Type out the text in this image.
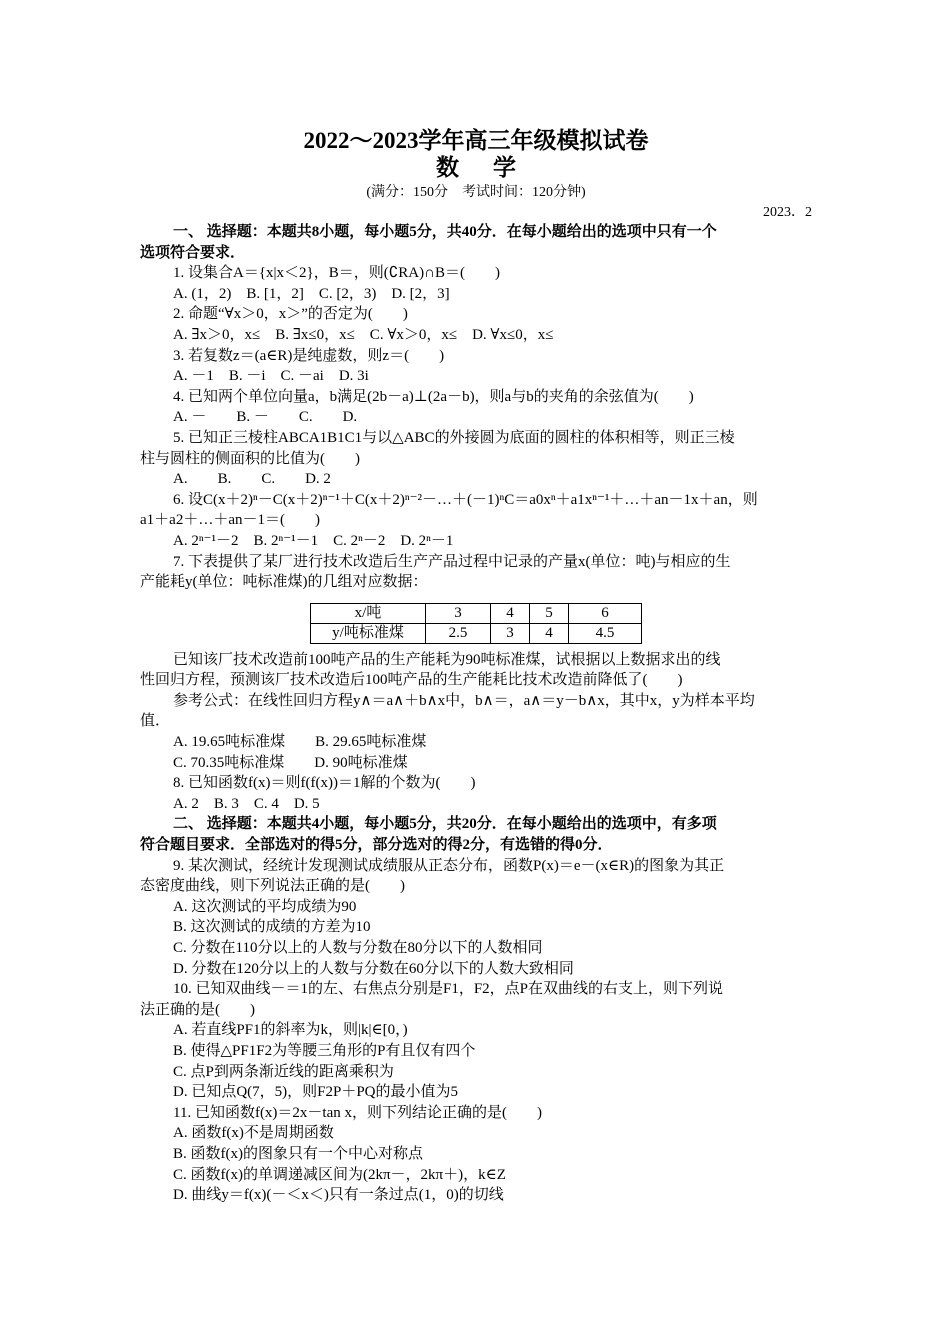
2022～2023学年高三年级模拟试卷
数学
(满分：150分　考试时间：120分钟)
2023．2
一、 选择题：本题共8小题，每小题5分，共40分．在每小题给出的选项中只有一个
选项符合要求．
1. 设集合A＝{x|x＜2}，B＝，则(∁RA)∩B＝(　　)
A. (1，2)　B. [1，2]　C. [2，3)　D. [2，3]
2. 命题“∀x＞0，x＞”的否定为(　　)
A. ∃x＞0，x≤　B. ∃x≤0，x≤　C. ∀x＞0，x≤　D. ∀x≤0，x≤
3. 若复数z＝(a∈R)是纯虚数，则z＝(　　)
A. －1　B. －i　C. －ai　D. 3i
4. 已知两个单位向量a，b满足(2b－a)⊥(2a－b)，则a与b的夹角的余弦值为(　　)
A. －　　B. －　　C.　　D.
5. 已知正三棱柱ABCA1B1C1与以△ABC的外接圆为底面的圆柱的体积相等，则正三棱
柱与圆柱的侧面积的比值为(　　)
A.　　B.　　C.　　D. 2
6. 设C(x＋2)ⁿ－C(x＋2)ⁿ⁻¹＋C(x＋2)ⁿ⁻²－…＋(－1)ⁿC＝a0xⁿ＋a1xⁿ⁻¹＋…＋an－1x＋an，则
a1＋a2＋…＋an－1＝(　　)
A. 2ⁿ⁻¹－2　B. 2ⁿ⁻¹－1　C. 2ⁿ－2　D. 2ⁿ－1
7. 下表提供了某厂进行技术改造后生产产品过程中记录的产量x(单位：吨)与相应的生
产能耗y(单位：吨标准煤)的几组对应数据：
x/吨	3	4	5	6
y/吨标准煤	2.5	3	4	4.5
已知该厂技术改造前100吨产品的生产能耗为90吨标准煤，试根据以上数据求出的线
性回归方程，预测该厂技术改造后100吨产品的生产能耗比技术改造前降低了(　　)
参考公式：在线性回归方程y∧＝a∧＋b∧x中，b∧＝，a∧＝y－b∧x，其中x，y为样本平均
值．
A. 19.65吨标准煤　　B. 29.65吨标准煤
C. 70.35吨标准煤　　D. 90吨标准煤
8. 已知函数f(x)＝则f(f(x))＝1解的个数为(　　)
A. 2　B. 3　C. 4　D. 5
二、 选择题：本题共4小题，每小题5分，共20分．在每小题给出的选项中，有多项
符合题目要求．全部选对的得5分，部分选对的得2分，有选错的得0分．
9. 某次测试，经统计发现测试成绩服从正态分布，函数P(x)＝e－(x∈R)的图象为其正
态密度曲线，则下列说法正确的是(　　)
A. 这次测试的平均成绩为90
B. 这次测试的成绩的方差为10
C. 分数在110分以上的人数与分数在80分以下的人数相同
D. 分数在120分以上的人数与分数在60分以下的人数大致相同
10. 已知双曲线－＝1的左、右焦点分别是F1，F2，点P在双曲线的右支上，则下列说
法正确的是(　　)
A. 若直线PF1的斜率为k，则|k|∈[0，)
B. 使得△PF1F2为等腰三角形的P有且仅有四个
C. 点P到两条渐近线的距离乘积为
D. 已知点Q(7，5)，则F2P＋PQ的最小值为5
11. 已知函数f(x)＝2x－tan x，则下列结论正确的是(　　)
A. 函数f(x)不是周期函数
B. 函数f(x)的图象只有一个中心对称点
C. 函数f(x)的单调递减区间为(2kπ－，2kπ＋)，k∈Z
D. 曲线y＝f(x)(－＜x＜)只有一条过点(1，0)的切线
